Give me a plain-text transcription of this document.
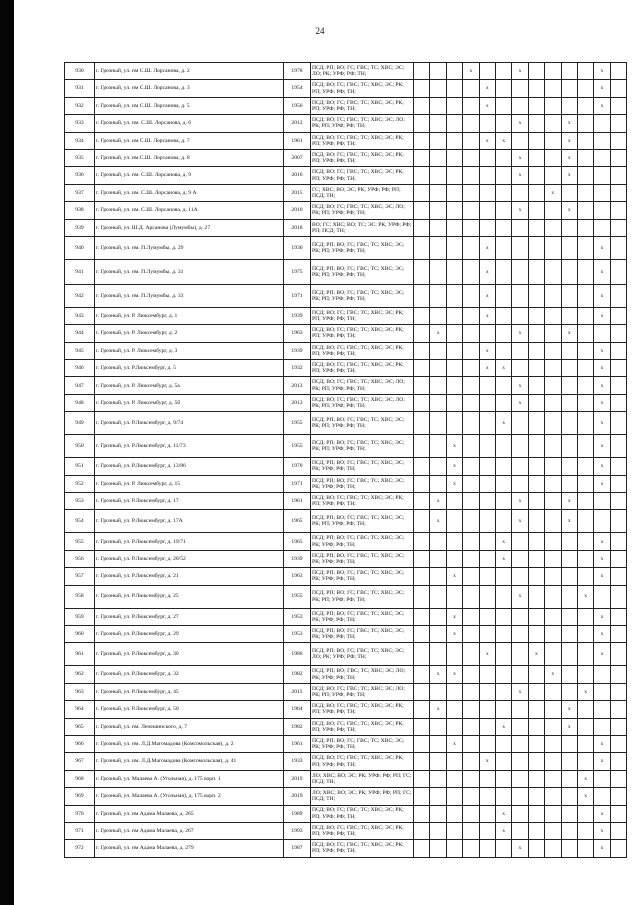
24
930	г. Грозный, ул. им С.Ш. Лорсанова, д. 2	1978	ПСД; РП; ВО; ГС; ГВС; ТС; ХВС; ЭС; ЛО; РК; УРФ; РФ; ТН;				x			x					x	
931	г. Грозный, ул. им С.Ш. Лорсанова, д. 3	1954	ПСД; ВО; ГС; ГВС; ТС; ХВС; ЭС; РК; РП; УРФ; РФ; ТН;					x							x	
932	г. Грозный, ул. им С.Ш. Лорсанова, д. 5	1956	ПСД; ВО; ГС; ГВС; ТС; ХВС; ЭС; РК; РП; УРФ; РФ; ТН;					x							x	
933	г. Грозный, ул. им. С.Ш. Лорсанова, д. 6	2012	ПСД; ВО; ГС; ГВС; ТС; ХВС; ЭС; ЛО; РК; РП; УРФ; РФ; ТН;							x			x			
934	г. Грозный, ул. им С.Ш. Лорсанова, д. 7	1961	ПСД; ВО; ГС; ГВС; ТС; ХВС; ЭС; РК; РП; УРФ; РФ; ТН;					x	x				x			
935	г. Грозный, ул. им.С.Ш. Лорсанова, д. 8	2007	ПСД; ВО; ГС; ГВС; ТС; ХВС; ЭС; РК; РП; УРФ; РФ; ТН;							x			x			
936	г. Грозный, ул. им. С.Ш. Лорсанова, д. 9	2016	ПСД; ВО; ГС; ГВС; ТС; ХВС; ЭС; РК; РП; УРФ; РФ; ТН;							x			x			
937	г. Грозный, ул. им. С.Ш. Лорсанова, д. 9 А	2015	ГС; ХВС; ВО; ЭС; РК; УРФ; РФ; РП; ПСД; ТН;									x				
938	г. Грозный, ул. им. С.Ш. Лорсанова, д. 11А	2010	ПСД; ВО; ГС; ГВС; ТС; ХВС; ЭС; ЛО; РК; РП; УРФ; РФ; ТН;							x			x			
939	г. Грозный, ул. Ш.Д. Арсанова (Лумумбы), д. 27	2018	ВО; ГС; ХВС; ВО; ТС; ЭС; РК; УРФ; РФ; РП; ПСД; ТН;													
940	г. Грозный, ул. им. П.Лумумбы, д. 29	1930	ПСД; РП; ВО; ГС; ГВС; ТС; ХВС; ЭС; РК; РП; УРФ; РФ; ТН;					x							x	
941	г. Грозный, ул. им. П.Лумумбы, д. 31	1975	ПСД; РП; ВО; ГС; ГВС; ТС; ХВС; ЭС; РК; РП; УРФ; РФ; ТН;					x							x	
942	г. Грозный, ул. им. П.Лумумбы, д. 33	1971	ПСД; РП; ВО; ГС; ГВС; ТС; ХВС; ЭС; РК; РП; УРФ; РФ; ТН;					x							x	
943	г. Грозный, ул. Р. Люксембург, д. 1	1939	ПСД; ВО; ГС; ГВС; ТС; ХВС; ЭС; РК; РП; УРФ; РФ; ТН;					x							x	
944	г. Грозный, ул. Р. Люксембург, д. 2	1963	ПСД; ВО; ГС; ГВС; ТС; ХВС; ЭС; РК; РП; УРФ; РФ; ТН;		x					x			x			
945	г. Грозный, ул. Р. Люксембург, д. 3	1939	ПСД; ВО; ГС; ГВС; ТС; ХВС; ЭС; РК; РП; УРФ; РФ; ТН;					x							x	
946	г. Грозный, ул. Р.Люксембург, д. 5	1932	ПСД; ВО; ГС; ГВС; ТС; ХВС; ЭС; РК; РП; УРФ; РФ; ТН;					x	x						x	
947	г. Грозный, ул. Р. Люксембург, д. 5а	2013	ПСД; ВО; ГС; ГВС; ТС; ХВС; ЭС; ЛО; РК; РП; УРФ; РФ; ТН;							x					x	
948	г. Грозный, ул. Р. Люксембург, д. 5б	2013	ПСД; ВО; ГС; ГВС; ТС; ХВС; ЭС; ЛО; РК; РП; УРФ; РФ; ТН;							x					x	
949	г. Грозный, ул. Р.Люксембург, д. 9/74	1955	ПСД; РП; ВО; ГС; ГВС; ТС; ХВС; ЭС; РК; РП; УРФ; РФ; ТН;						x						x	
950	г. Грозный, ул. Р.Люксембург, д. 11/73	1955	ПСД; РП; ВО; ГС; ГВС; ТС; ХВС; ЭС; РК; РП; УРФ; РФ; ТН;			x									x	
951	г. Грозный, ул. Р.Люксембург, д. 13/86	1970	ПСД; РП; ВО; ГС; ГВС; ТС; ХВС; ЭС; РК; УРФ; РФ; ТН;			x									x	
952	г. Грозный, ул. Р. Люксембург, д. 15	1971	ПСД; РП; ВО; ГС; ГВС; ТС; ХВС; ЭС; РК; УРФ; РФ; ТН;			x									x	
953	г. Грозный, ул. Р.Люксембург, д. 17	1961	ПСД; ВО; ГС; ГВС; ТС; ХВС; ЭС; РК; РП; УРФ; РФ; ТН;		x					x			x			
954	г. Грозный, ул. Р.Люксембург, д. 17А	1965	ПСД; РП; ВО; ГС; ГВС; ТС; ХВС; ЭС; РК; РП; УРФ; РФ; ТН;		x					x			x			
955	г. Грозный, ул. Р.Люксембург, д. 19/71	1965	ПСД; РП; ВО; ГС; ГВС; ТС; ХВС; ЭС; РК; УРФ; РФ; ТН;						x						x	
956	г. Грозный, ул. Р.Люксембург, д. 20/52	1939	ПСД; РП; ВО; ГС; ГВС; ТС; ХВС; ЭС; РК; УРФ; РФ; ТН;						x						x	
957	г. Грозный, ул. Р.Люксембург, д. 21	1963	ПСД; РП; ВО; ГС; ГВС; ТС; ХВС; ЭС; РК; УРФ; РФ; ТН;			x									x	
958	г. Грозный, ул. Р.Люксембург, д. 25	1955	ПСД; РП; ВО; ГС; ГВС; ТС; ХВС; ЭС; РК; РП; УРФ; РФ; ТН;							x				x		
959	г. Грозный, ул. Р.Люксембург, д. 27	1953	ПСД; РП; ВО; ГС; ГВС; ТС; ХВС; ЭС; РК; УРФ; РФ; ТН;			x									x	
960	г. Грозный, ул. Р.Люксембург, д. 29	1953	ПСД; РП; ВО; ГС; ГВС; ТС; ХВС; ЭС; РК; УРФ; РФ; ТН;			x									x	
961	г. Грозный, ул. Р.Люксембург, д. 30	1986	ПСД; РП; ВО; ГС; ГВС; ТС; ХВС; ЭС; ЛО; РК; УРФ; РФ; ТН;					x			x				x	
962	г. Грозный, ул. Р.Люксембург, д. 32	1982	ПСД; РП; ВО; ГВС; ТС; ХВС; ЭС; ЛО; РК; УРФ; РФ; ТН;		x	x						x				
963	г. Грозный, ул. Р.Люксембург, д. 45	2015	ПСД; ВО; ГС; ГВС; ТС; ХВС; ЭС; ЛО; РК; РП; УРФ; РФ; ТН;							x				x		
964	г. Грозный, ул. Р.Люксембург, д. 50	1964	ПСД; ВО; ГС; ГВС; ТС; ХВС; ЭС; РК; РП; УРФ; РФ; ТН;		x								x			
965	г. Грозный, ул. им. Лепешинского, д. 7	1982	ПСД; ВО; ГС; ГВС; ТС; ХВС; ЭС; РК; РП; УРФ; РФ; ТН;						x				x			
966	г. Грозный, ул. им. Л.Д.Магомадова (Комсомольская), д. 2	1961	ПСД; РП; ВО; ГС; ГВС; ТС; ХВС; ЭС; РК; УРФ; РФ; ТН;			x									x	
967	г. Грозный, ул. им. Л.Д.Магомадова (Комсомольская), д. 41	1933	ПСД; ВО; ГС; ГВС; ТС; ХВС; ЭС; РК; РП; УРФ; РФ; ТН;					x							x	
968	г. Грозный, ул. Малаева А. (Угольная), д. 175 корп. 1	2019	ЛО; ХВС; ВО; ЭС; РК; УРФ; РФ; РП; ГС; ПСД; ТН;											x		
969	г. Грозный, ул. Малаева А. (Угольная), д. 175 корп. 2	2019	ЛО; ХВС; ВО; ЭС; РК; УРФ; РФ; РП; ГС; ПСД; ТН;											x		
970	г. Грозный, ул. им Адама Малаева, д. 265	1989	ПСД; ВО; ГС; ГВС; ТС; ХВС; ЭС; РК; РП; УРФ; РФ; ТН;						x						x	
971	г. Грозный, ул. им Адама Малаева, д. 267	1993	ПСД; ВО; ГС; ГВС; ТС; ХВС; ЭС; РК; РП; УРФ; РФ; ТН;						x						x	
972	г. Грозный, ул. им Адама Малаева, д. 279	1987	ПСД; ВО; ГС; ГВС; ТС; ХВС; ЭС; РК; РП; УРФ; РФ; ТН;							x					x	
